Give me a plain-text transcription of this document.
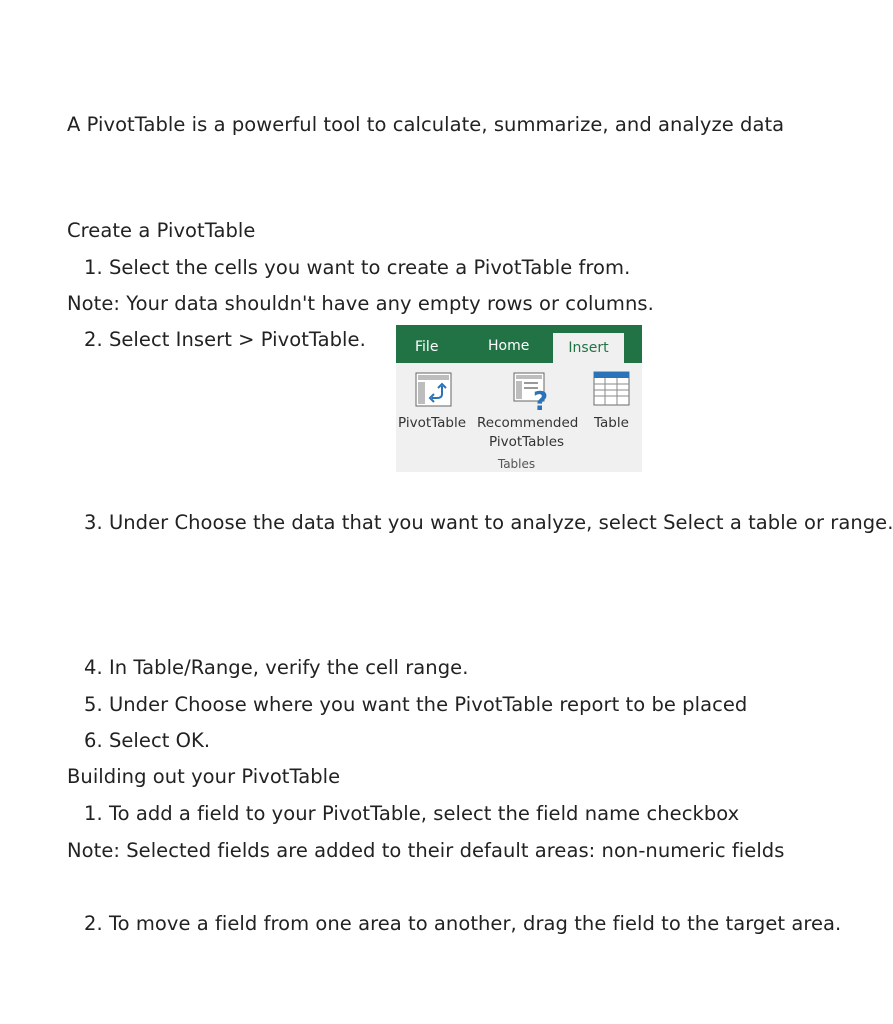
A PivotTable is a powerful tool to calculate, summarize, and analyze data
Create a PivotTable
1. Select the cells you want to create a PivotTable from.
Note: Your data shouldn't have any empty rows or columns.
2. Select Insert > PivotTable.	File	Home	Insert
PivotTable
?
Recommended
PivotTables
Table
Tables
3. Under Choose the data that you want to analyze, select Select a table or range.
4. In Table/Range, verify the cell range.
5. Under Choose where you want the PivotTable report to be placed
6. Select OK.
Building out your PivotTable
1. To add a field to your PivotTable, select the field name checkbox
Note: Selected fields are added to their default areas: non-numeric fields
2. To move a field from one area to another, drag the field to the target area.
